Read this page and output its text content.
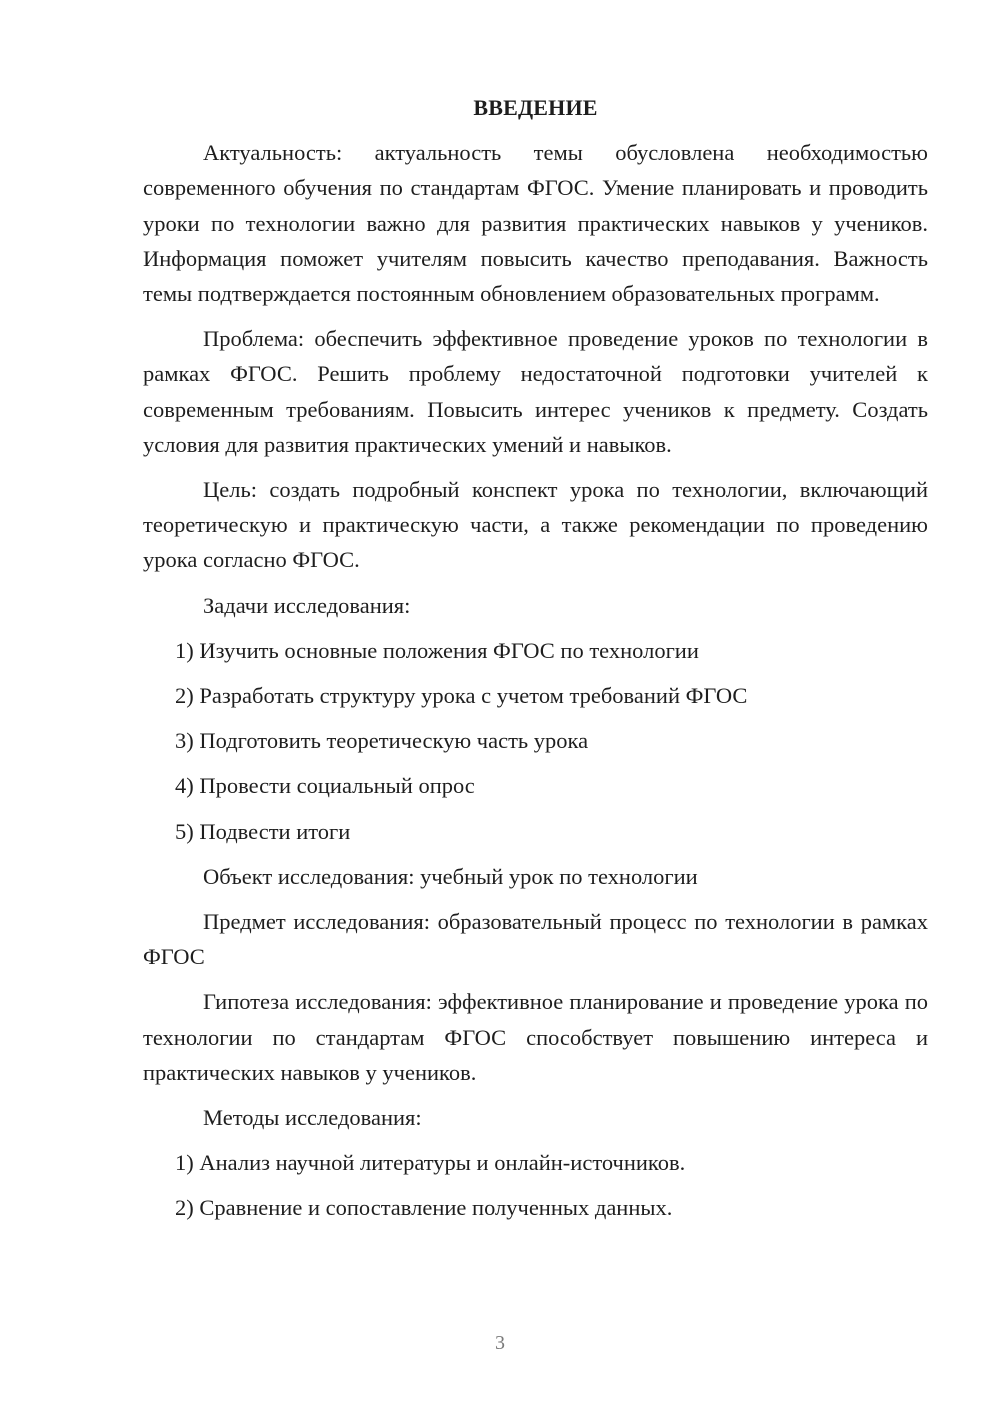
ВВЕДЕНИЕ

Актуальность: актуальность темы обусловлена необходимостью современного обучения по стандартам ФГОС. Умение планировать и проводить уроки по технологии важно для развития практических навыков у учеников. Информация поможет учителям повысить качество преподавания. Важность темы подтверждается постоянным обновлением образовательных программ.

Проблема: обеспечить эффективное проведение уроков по технологии в рамках ФГОС. Решить проблему недостаточной подготовки учителей к современным требованиям. Повысить интерес учеников к предмету. Создать условия для развития практических умений и навыков.

Цель: создать подробный конспект урока по технологии, включающий теоретическую и практическую части, а также рекомендации по проведению урока согласно ФГОС.

Задачи исследования:

1) Изучить основные положения ФГОС по технологии

2) Разработать структуру урока с учетом требований ФГОС

3) Подготовить теоретическую часть урока

4) Провести социальный опрос

5) Подвести итоги

Объект исследования: учебный урок по технологии

Предмет исследования: образовательный процесс по технологии в рамках ФГОС

Гипотеза исследования: эффективное планирование и проведение урока по технологии по стандартам ФГОС способствует повышению интереса и практических навыков у учеников.

Методы исследования:

1) Анализ научной литературы и онлайн-источников.

2) Сравнение и сопоставление полученных данных.

3
